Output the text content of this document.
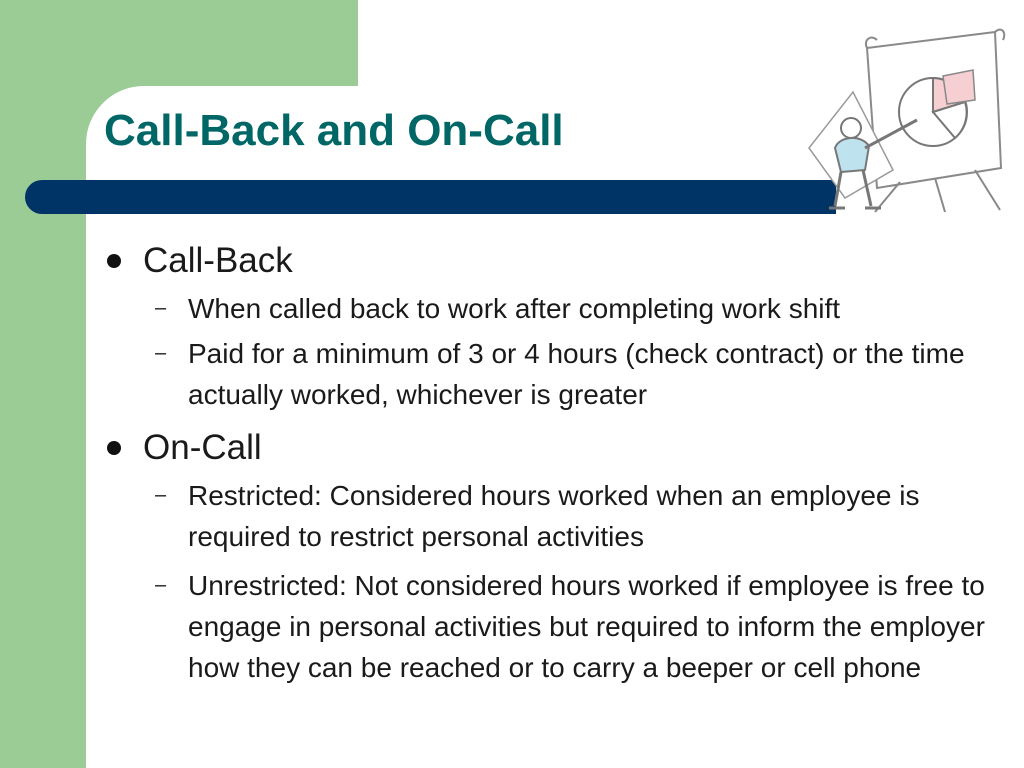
Call-Back and On-Call
Call-Back
– When called back to work after completing work shift
– Paid for a minimum of 3 or 4 hours (check contract) or the time actually worked, whichever is greater
On-Call
– Restricted: Considered hours worked when an employee is required to restrict personal activities
– Unrestricted: Not considered hours worked if employee is free to engage in personal activities but required to inform the employer how they can be reached or to carry a beeper or cell phone
